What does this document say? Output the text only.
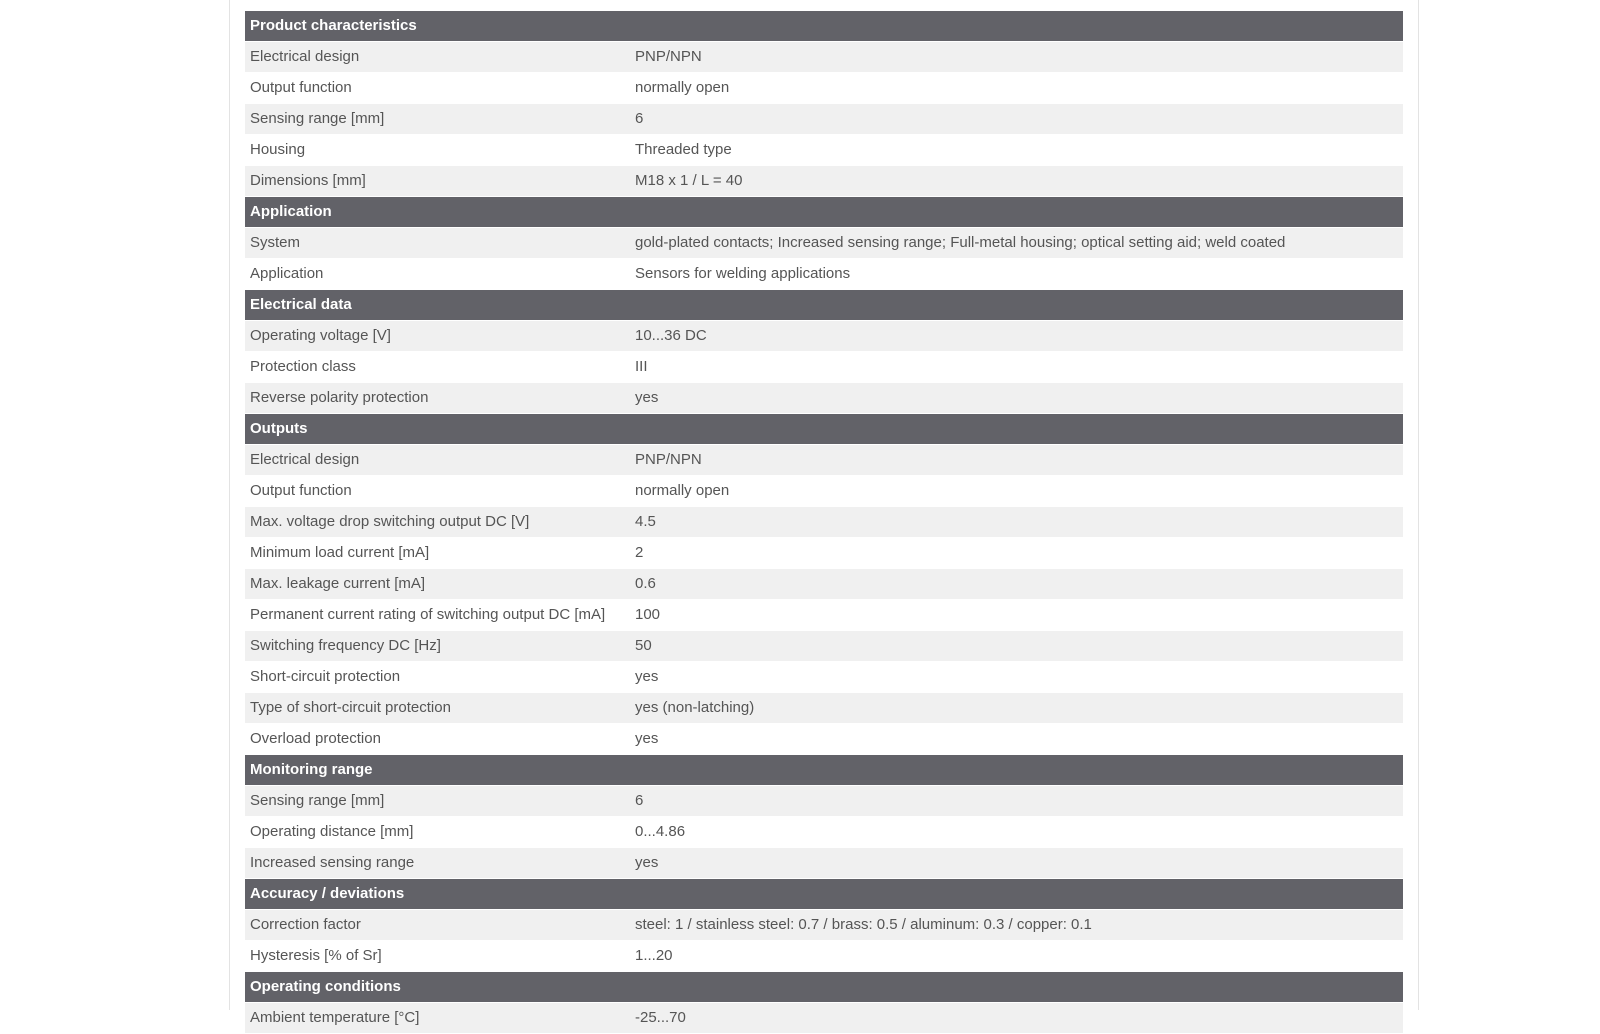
Product characteristics	
Electrical design	PNP/NPN
Output function	normally open
Sensing range [mm]	6
Housing	Threaded type
Dimensions [mm]	M18 x 1 / L = 40
Application	
System	gold-plated contacts; Increased sensing range; Full-metal housing; optical setting aid; weld coated
Application	Sensors for welding applications
Electrical data	
Operating voltage [V]	10...36 DC
Protection class	III
Reverse polarity protection	yes
Outputs	
Electrical design	PNP/NPN
Output function	normally open
Max. voltage drop switching output DC [V]	4.5
Minimum load current [mA]	2
Max. leakage current [mA]	0.6
Permanent current rating of switching output DC [mA]	100
Switching frequency DC [Hz]	50
Short-circuit protection	yes
Type of short-circuit protection	yes (non-latching)
Overload protection	yes
Monitoring range	
Sensing range [mm]	6
Operating distance [mm]	0...4.86
Increased sensing range	yes
Accuracy / deviations	
Correction factor	steel: 1 / stainless steel: 0.7 / brass: 0.5 / aluminum: 0.3 / copper: 0.1
Hysteresis [% of Sr]	1...20
Operating conditions	
Ambient temperature [°C]	-25...70
